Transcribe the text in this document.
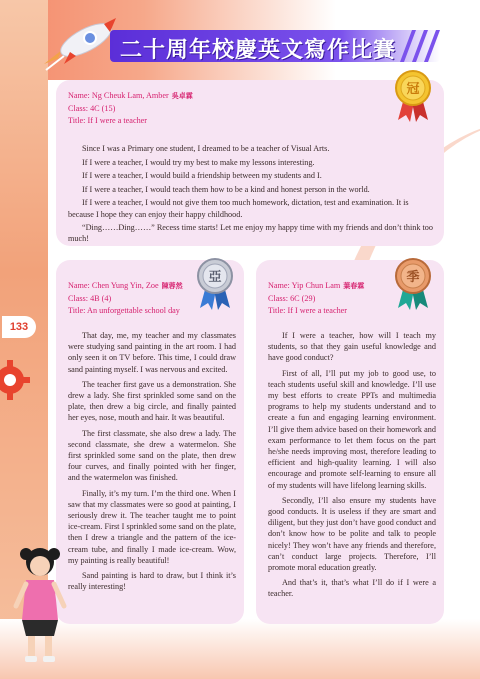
二十周年校慶英文寫作比賽
冠
Name: Ng Cheuk Lam, Amber 吳卓霖
Class: 4C (15)
Title: If I were a teacher

Since I was a Primary one student, I dreamed to be a teacher of Visual Arts.

If I were a teacher, I would try my best to make my lessons interesting.

If I were a teacher, I would build a friendship between my students and I.

If I were a teacher, I would teach them how to be a kind and honest person in the world.

If I were a teacher, I would not give them too much homework, dictation, test and examination. It is because I hope they can enjoy their happy childhood.

“Ding……Ding……” Recess time starts! Let me enjoy my happy time with my friends and don’t think too much!

亞
Name: Chen Yung Yin, Zoe 陳蓉然
Class: 4B (4)
Title: An unforgettable school day

That day, me, my teacher and my classmates were studying sand painting in the art room. I had only seen it on TV before. This time, I could draw sand painting myself. I was nervous and excited.

The teacher first gave us a demonstration. She drew a lady. She first sprinkled some sand on the plate, then drew a big circle, and finally painted her eyes, nose, mouth and hair. It was beautiful.

The first classmate, she also drew a lady. The second classmate, she drew a watermelon. She first sprinkled some sand on the plate, then drew four curves, and finally pointed with her finger, and the watermelon was finished.

Finally, it’s my turn. I’m the third one. When I saw that my classmates were so good at painting, I seriously drew it. The teacher taught me to point ice-cream. First I sprinkled some sand on the plate, then I drew a triangle and the pattern of the ice-cream tube, and finally I made ice-cream. Wow, my painting is really beautiful!

Sand painting is hard to draw, but I think it’s really interesting!

季
Name: Yip Chun Lam 葉春霖
Class: 6C (29)
Title: If I were a teacher

If I were a teacher, how will I teach my students, so that they gain useful knowledge and have good conduct?

First of all, I’ll put my job to good use, to teach students useful skill and knowledge. I’ll use my best efforts to create PPTs and multimedia programs to help my students understand and to create a fun and engaging learning environment. I’ll give them advice based on their homework and exam performance to let them focus on the part he/she needs improving most, therefore leading to efficient and high-quality learning. I will also encourage and promote self-learning to ensure all of my students will have lifelong learning skills.

Secondly, I’ll also ensure my students have good conducts. It is useless if they are smart and diligent, but they just don’t have good conduct and don’t know how to be polite and talk to people nicely! They won’t have any friends and therefore, can’t conduct large projects. Therefore, I’ll promote moral education greatly.

And that’s it, that’s what I’ll do if I were a teacher.

133
